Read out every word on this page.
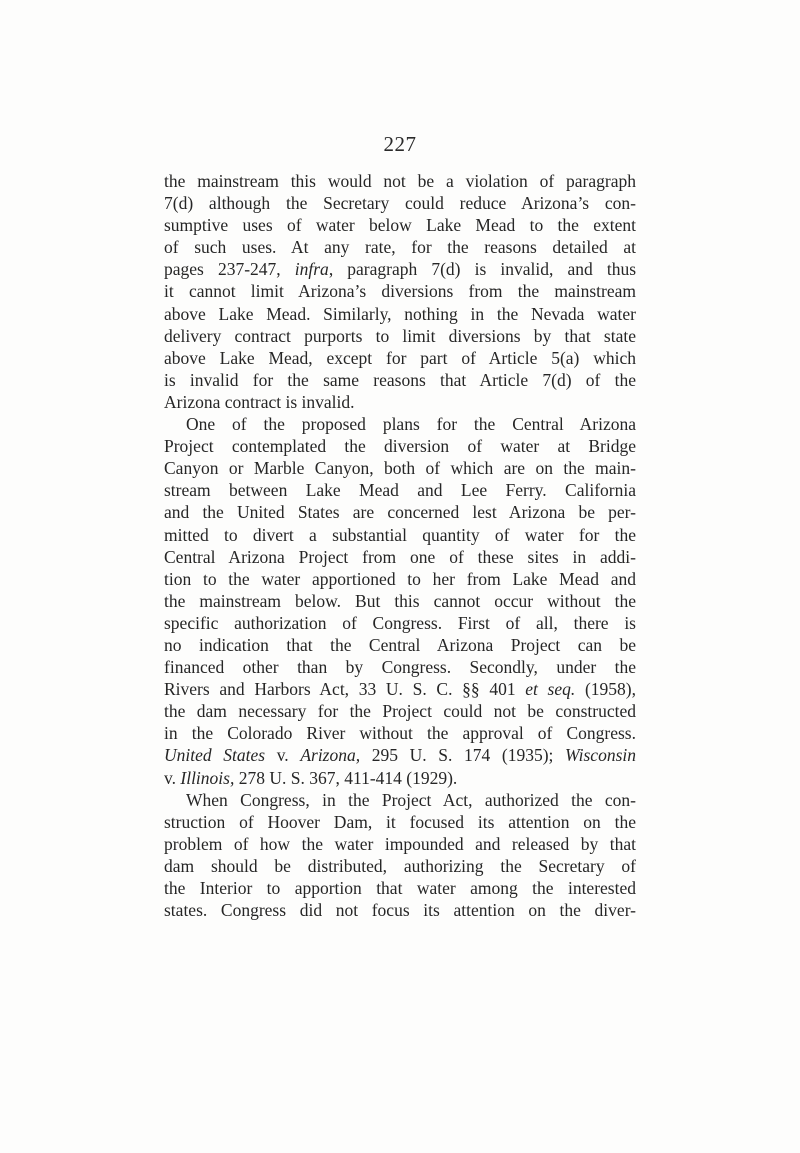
227

the mainstream this would not be a violation of paragraph
7(d) although the Secretary could reduce Arizona’s con-
sumptive uses of water below Lake Mead to the extent
of such uses. At any rate, for the reasons detailed at
pages 237-247, infra, paragraph 7(d) is invalid, and thus
it cannot limit Arizona’s diversions from the mainstream
above Lake Mead. Similarly, nothing in the Nevada water
delivery contract purports to limit diversions by that state
above Lake Mead, except for part of Article 5(a) which
is invalid for the same reasons that Article 7(d) of the
Arizona contract is invalid.

One of the proposed plans for the Central Arizona
Project contemplated the diversion of water at Bridge
Canyon or Marble Canyon, both of which are on the main-
stream between Lake Mead and Lee Ferry. California
and the United States are concerned lest Arizona be per-
mitted to divert a substantial quantity of water for the
Central Arizona Project from one of these sites in addi-
tion to the water apportioned to her from Lake Mead and
the mainstream below. But this cannot occur without the
specific authorization of Congress. First of all, there is
no indication that the Central Arizona Project can be
financed other than by Congress. Secondly, under the
Rivers and Harbors Act, 33 U. S. C. §§ 401 et seq. (1958),
the dam necessary for the Project could not be constructed
in the Colorado River without the approval of Congress.
United States v. Arizona, 295 U. S. 174 (1935); Wisconsin
v. Illinois, 278 U. S. 367, 411-414 (1929).

When Congress, in the Project Act, authorized the con-
struction of Hoover Dam, it focused its attention on the
problem of how the water impounded and released by that
dam should be distributed, authorizing the Secretary of
the Interior to apportion that water among the interested
states. Congress did not focus its attention on the diver-
